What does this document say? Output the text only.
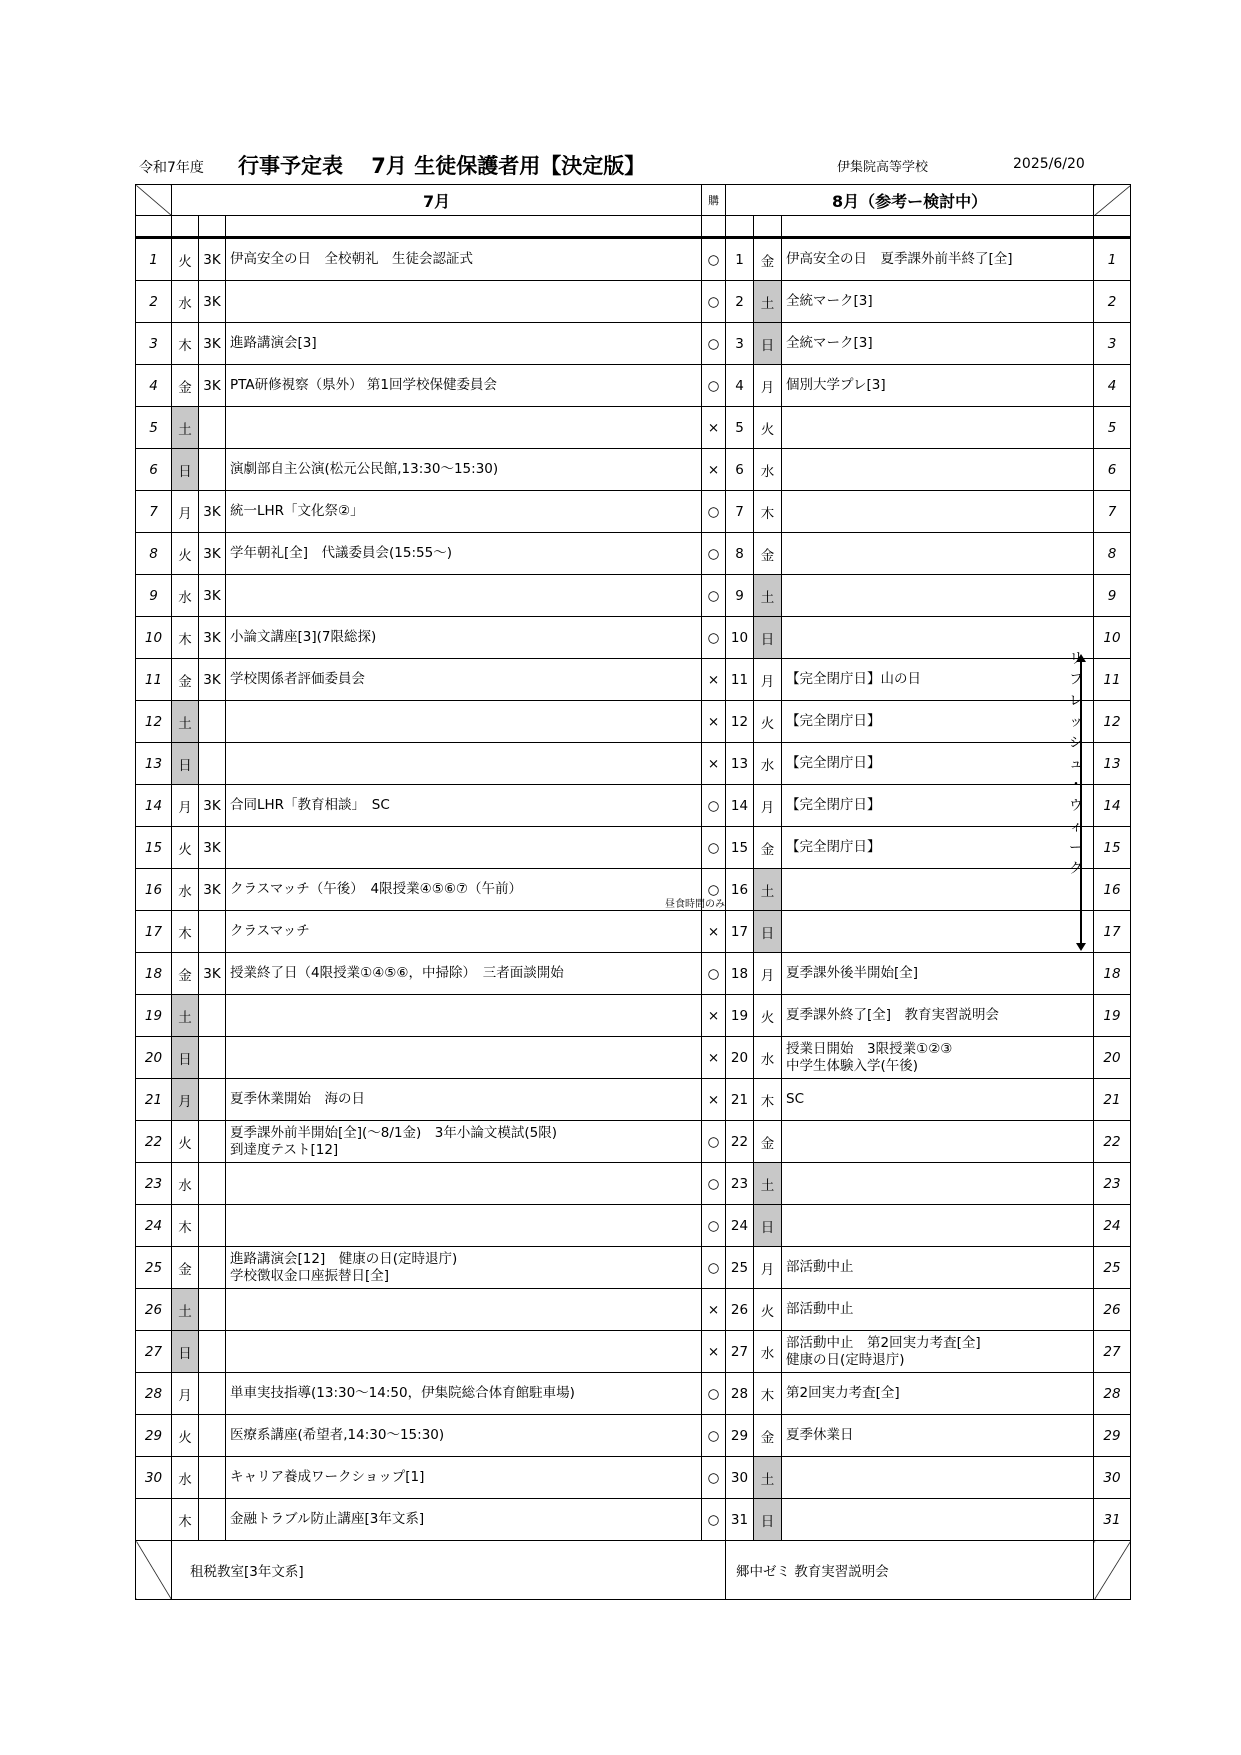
令和7年度 行事予定表　 7月 生徒保護者用【決定版】	伊集院高等学校	2025/6/20
	7月			購	8月（参考ー検討中）			

1	火	3K	伊高安全の日　全校朝礼　生徒会認証式	○	1	金	伊高安全の日　夏季課外前半終了[全]	1
2	水	3K		○	2	土	全統マーク[3]	2
3	木	3K	進路講演会[3]	○	3	日	全統マーク[3]	3
4	金	3K	PTA研修視察（県外） 第1回学校保健委員会	○	4	月	個別大学プレ[3]	4
5	土			×	5	火		5
6	日		演劇部自主公演(松元公民館,13:30～15:30)	×	6	水		6
7	月	3K	統一LHR「文化祭②」	○	7	木		7
8	火	3K	学年朝礼[全]　代議委員会(15:55～)	○	8	金		8
9	水	3K		○	9	土		9
10	木	3K	小論文講座[3](7限総探)	○	10	日		10
11	金	3K	学校関係者評価委員会	×	11	月	【完全閉庁日】山の日	11
12	土			×	12	火	【完全閉庁日】	12
13	日			×	13	水	【完全閉庁日】	13
14	月	3K	合同LHR「教育相談」　SC	○	14	月	【完全閉庁日】	14
15	火	3K		○	15	金	【完全閉庁日】	15
16	水	3K	クラスマッチ（午後）　4限授業④⑤⑥⑦（午前）	○	16	土		16
17	木		クラスマッチ	×	17	日		17
18	金	3K	授業終了日（4限授業①④⑤⑥，中掃除）　三者面談開始	○	18	月	夏季課外後半開始[全]	18
19	土			×	19	火	夏季課外終了[全]　教育実習説明会	19
20	日			×	20	水	授業日開始　3限授業①②③
中学生体験入学(午後)	20
21	月		夏季休業開始　海の日	×	21	木	SC	21
22	火		夏季課外前半開始[全](～8/1金)　3年小論文模試(5限)
到達度テスト[12]	○	22	金		22
23	水			○	23	土		23
24	木			○	24	日		24
25	金		進路講演会[12]　健康の日(定時退庁)
学校徴収金口座振替日[全]	○	25	月	部活動中止	25
26	土			×	26	火	部活動中止	26
27	日			×	27	水	部活動中止　第2回実力考査[全]
健康の日(定時退庁)	27
28	月		単車実技指導(13:30～14:50，伊集院総合体育館駐車場)	○	28	木	第2回実力考査[全]	28
29	火		医療系講座(希望者,14:30～15:30)	○	29	金	夏季休業日	29
30	水		キャリア養成ワークショップ[1]	○	30	土		30
	木		金融トラブル防止講座[3年文系]	○	31	日		31
	租税教室[3年文系]				郷中ゼミ 教育実習説明会			
リ
フ
レ
ッ
シ
ュ
・
ウ
ィ
ー
ク
昼食時間のみ
